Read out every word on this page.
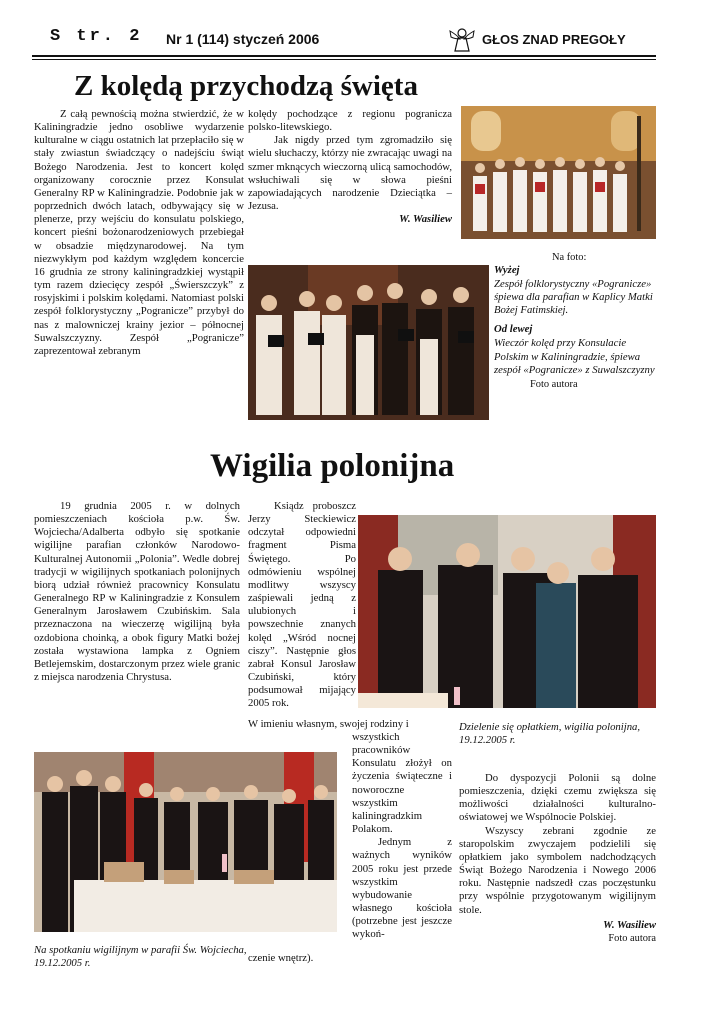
S tr. 2 Nr 1 (114) styczeń 2006	GŁOS ZNAD PREGOŁY
Z kolędą przychodzą święta

Z całą pewnością można stwierdzić, że w Kaliningradzie jedno osobliwe wydarzenie kulturalne w ciągu ostatnich lat przepłaciło się w stały zwiastun świadczący o nadejściu świąt Bożego Narodzenia. Jest to koncert kolęd organizowany corocznie przez Konsulat Generalny RP w Kaliningradzie. Podobnie jak w poprzednich dwóch latach, odbywający się w plenerze, przy wejściu do konsulatu polskiego, koncert pieśni bożonarodzeniowych przebiegał w obsadzie międzynarodowej. Na tym niezwykłym pod każdym względem koncercie 16 grudnia ze strony kaliningradzkiej wystąpił tym razem dziecięcy zespół „Świerszczyk” z rosyjskimi i polskim kolędami. Natomiast polski zespół folklorystyczny „Pogranicze” przybył do nas z malowniczej krainy jezior – północnej Suwalszczyzny. Zespół „Pogranicze” zaprezentował zebranym

kolędy pochodzące z regionu pogranicza polsko-litewskiego.

Jak nigdy przed tym zgromadziło się wielu słuchaczy, którzy nie zwracając uwagi na szmer mknących wieczorną ulicą samochodów, wsłuchiwali się w słowa pieśni zapowiadających narodzenie Dzieciątka – Jezusa.

W. Wasiliew
Na foto:
Wyżej
Zespół folklorystyczny «Pogranicze» śpiewa dla parafian w Kaplicy Matki Bożej Fatimskiej.
Od lewej
Wieczór kolęd przy Konsulacie Polskim w Kaliningradzie, śpiewa zespół «Pogranicze» z Suwalszczyzny
Foto autora
Wigilia polonijna

19 grudnia 2005 r. w dolnych pomieszczeniach kościoła p.w. Św. Wojciecha/Adalberta odbyło się spotkanie wigilijne parafian członków Narodowo-Kulturalnej Autonomii „Polonia”. Wedle dobrej tradycji w wigilijnych spotkaniach polonijnych biorą udział również pracownicy Konsulatu Generalnego RP w Kaliningradzie z Konsulem Generalnym Jarosławem Czubińskim. Sala przeznaczona na wieczerzę wigilijną była ozdobiona choinką, a obok figury Matki bożej została wystawiona lampka z Ogniem Betlejemskim, dostarczonym przez wiele granic z miejsca narodzenia Chrystusa.

Ksiądz proboszcz Jerzy Steckiewicz odczytał odpowiedni fragment Pisma Świętego. Po odmówieniu wspólnej modlitwy wszyscy zaśpiewali jedną z ulubionych i powszechnie znanych kolęd „Wśród nocnej ciszy”. Następnie głos zabrał Konsul Jarosław Czubiński, który podsumował mijający 2005 rok.

W imieniu własnym, swojej rodziny i

wszystkich pracowników Konsulatu złożył on życzenia świąteczne i noworoczne wszystkim kaliningradzkim Polakom.

Jednym z ważnych wyników 2005 roku jest przede wszystkim wybudowanie własnego kościoła (potrzebne jest jeszcze wykoń-

czenie wnętrz).

Dzielenie się opłatkiem, wigilia polonijna, 19.12.2005 r.
Na spotkaniu wigilijnym w parafii Św. Wojciecha, 19.12.2005 r.

Do dyspozycji Polonii są dolne pomieszczenia, dzięki czemu zwiększa się możliwości działalności kulturalno-oświatowej we Wspólnocie Polskiej.

Wszyscy zebrani zgodnie ze staropolskim zwyczajem podzielili się opłatkiem jako symbolem nadchodzących Świąt Bożego Narodzenia i Nowego 2006 roku. Następnie nadszedł czas poczęstunku przy wspólnie przygotowanym wigilijnym stole.

W. Wasiliew
Foto autora
